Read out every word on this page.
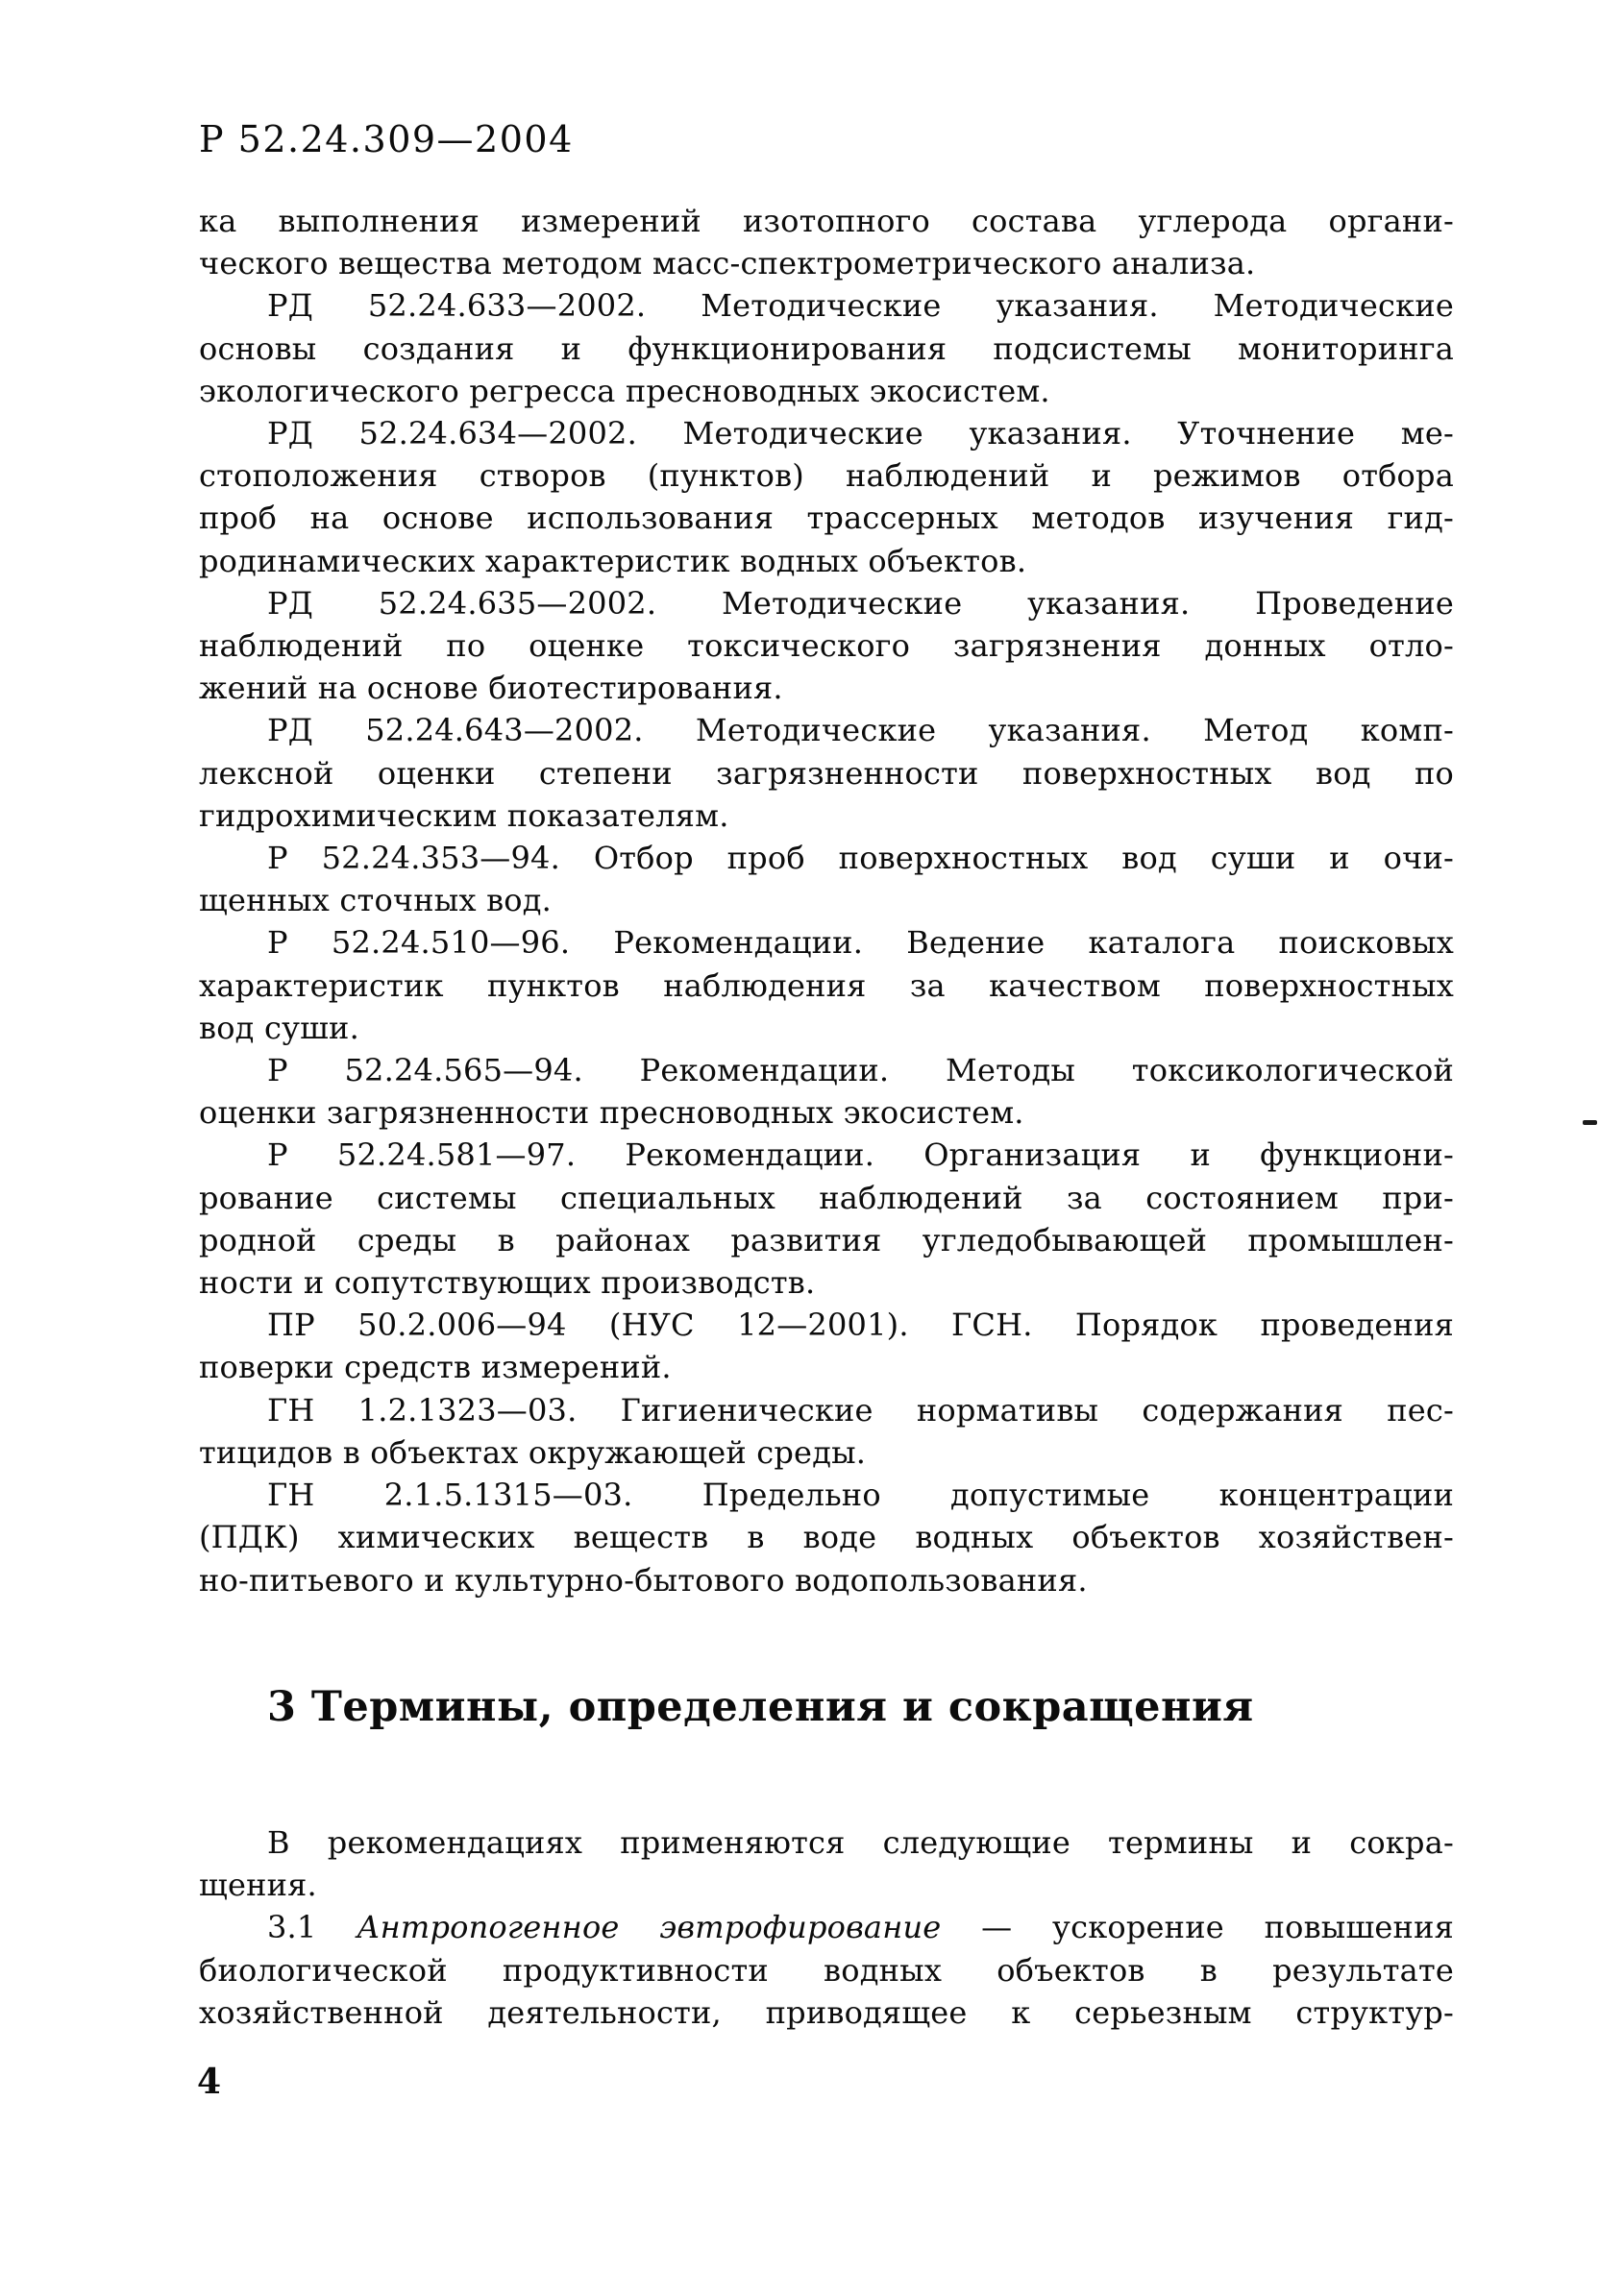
Р 52.24.309—2004
ка выполнения измерений изотопного состава углерода органи-
ческого вещества методом масс-спектрометрического анализа.
РД 52.24.633—2002. Методические указания. Методические
основы создания и функционирования подсистемы мониторинга
экологического регресса пресноводных экосистем.
РД 52.24.634—2002. Методические указания. Уточнение ме-
стоположения створов (пунктов) наблюдений и режимов отбора
проб на основе использования трассерных методов изучения гид-
родинамических характеристик водных объектов.
РД 52.24.635—2002. Методические указания. Проведение
наблюдений по оценке токсического загрязнения донных отло-
жений на основе биотестирования.
РД 52.24.643—2002. Методические указания. Метод комп-
лексной оценки степени загрязненности поверхностных вод по
гидрохимическим показателям.
Р 52.24.353—94. Отбор проб поверхностных вод суши и очи-
щенных сточных вод.
Р 52.24.510—96. Рекомендации. Ведение каталога поисковых
характеристик пунктов наблюдения за качеством поверхностных
вод суши.
Р 52.24.565—94. Рекомендации. Методы токсикологической
оценки загрязненности пресноводных экосистем.
Р 52.24.581—97. Рекомендации. Организация и функциони-
рование системы специальных наблюдений за состоянием при-
родной среды в районах развития угледобывающей промышлен-
ности и сопутствующих производств.
ПР 50.2.006—94 (НУС 12—2001). ГСН. Порядок проведения
поверки средств измерений.
ГН 1.2.1323—03. Гигиенические нормативы содержания пес-
тицидов в объектах окружающей среды.
ГН 2.1.5.1315—03. Предельно допустимые концентрации
(ПДК) химических веществ в воде водных объектов хозяйствен-
но-питьевого и культурно-бытового водопользования.
3 Термины, определения и сокращения
В рекомендациях применяются следующие термины и сокра-
щения.
3.1 Антропогенное эвтрофирование — ускорение повышения
биологической продуктивности водных объектов в результате
хозяйственной деятельности, приводящее к серьезным структур-
4
